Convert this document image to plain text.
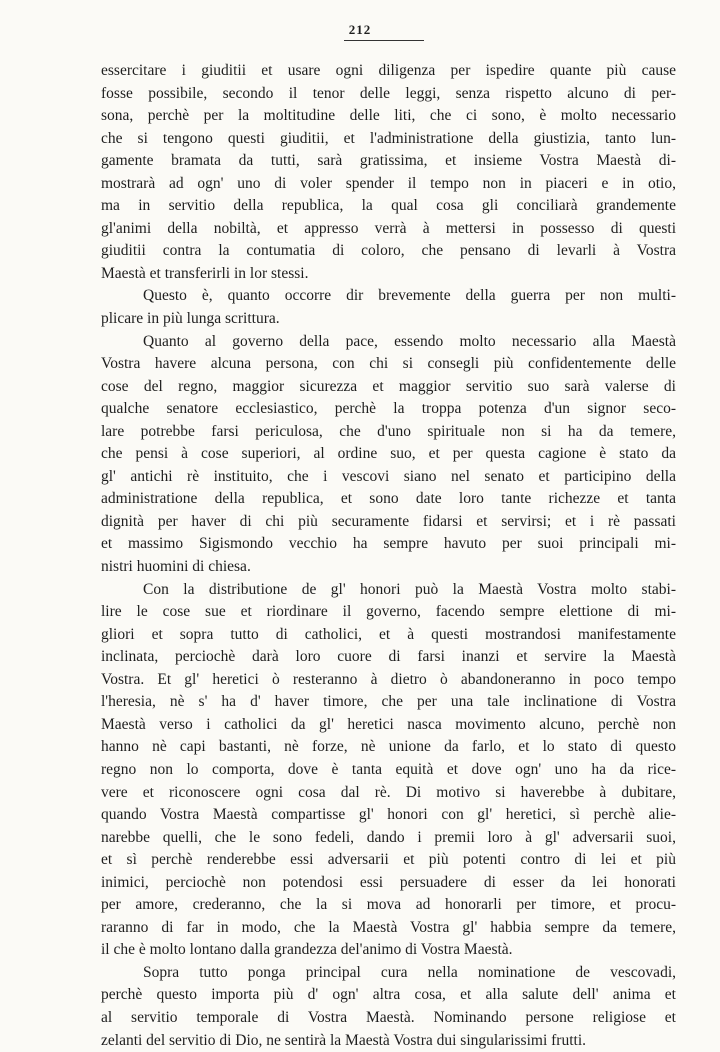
212
essercitare i giuditii et usare ogni diligenza per ispedire quante più cause
fosse possibile, secondo il tenor delle leggi, senza rispetto alcuno di per-
sona, perchè per la moltitudine delle liti, che ci sono, è molto necessario
che si tengono questi giuditii, et l'administratione della giustizia, tanto lun-
gamente bramata da tutti, sarà gratissima, et insieme Vostra Maestà di-
mostrarà ad ogn' uno di voler spender il tempo non in piaceri e in otio,
ma in servitio della republica, la qual cosa gli conciliarà grandemente
gl'animi della nobiltà, et appresso verrà à mettersi in possesso di questi
giuditii contra la contumatia di coloro, che pensano di levarli à Vostra
Maestà et transferirli in lor stessi.
Questo è, quanto occorre dir brevemente della guerra per non multi-
plicare in più lunga scrittura.
Quanto al governo della pace, essendo molto necessario alla Maestà
Vostra havere alcuna persona, con chi si consegli più confidentemente delle
cose del regno, maggior sicurezza et maggior servitio suo sarà valerse di
qualche senatore ecclesiastico, perchè la troppa potenza d'un signor seco-
lare potrebbe farsi periculosa, che d'uno spirituale non si ha da temere,
che pensi à cose superiori, al ordine suo, et per questa cagione è stato da
gl' antichi rè instituito, che i vescovi siano nel senato et participino della
administratione della republica, et sono date loro tante richezze et tanta
dignità per haver di chi più securamente fidarsi et servirsi; et i rè passati
et massimo Sigismondo vecchio ha sempre havuto per suoi principali mi-
nistri huomini di chiesa.
Con la distributione de gl' honori può la Maestà Vostra molto stabi-
lire le cose sue et riordinare il governo, facendo sempre elettione di mi-
gliori et sopra tutto di catholici, et à questi mostrandosi manifestamente
inclinata, perciochè darà loro cuore di farsi inanzi et servire la Maestà
Vostra. Et gl' heretici ò resteranno à dietro ò abandoneranno in poco tempo
l'heresia, nè s' ha d' haver timore, che per una tale inclinatione di Vostra
Maestà verso i catholici da gl' heretici nasca movimento alcuno, perchè non
hanno nè capi bastanti, nè forze, nè unione da farlo, et lo stato di questo
regno non lo comporta, dove è tanta equità et dove ogn' uno ha da rice-
vere et riconoscere ogni cosa dal rè. Di motivo si haverebbe à dubitare,
quando Vostra Maestà compartisse gl' honori con gl' heretici, sì perchè alie-
narebbe quelli, che le sono fedeli, dando i premii loro à gl' adversarii suoi,
et sì perchè renderebbe essi adversarii et più potenti contro di lei et più
inimici, perciochè non potendosi essi persuadere di esser da lei honorati
per amore, crederanno, che la si mova ad honorarli per timore, et procu-
raranno di far in modo, che la Maestà Vostra gl' habbia sempre da temere,
il che è molto lontano dalla grandezza del'animo di Vostra Maestà.
Sopra tutto ponga principal cura nella nominatione de vescovadi,
perchè questo importa più d' ogn' altra cosa, et alla salute dell' anima et
al servitio temporale di Vostra Maestà. Nominando persone religiose et
zelanti del servitio di Dio, ne sentirà la Maestà Vostra dui singularissimi frutti.
